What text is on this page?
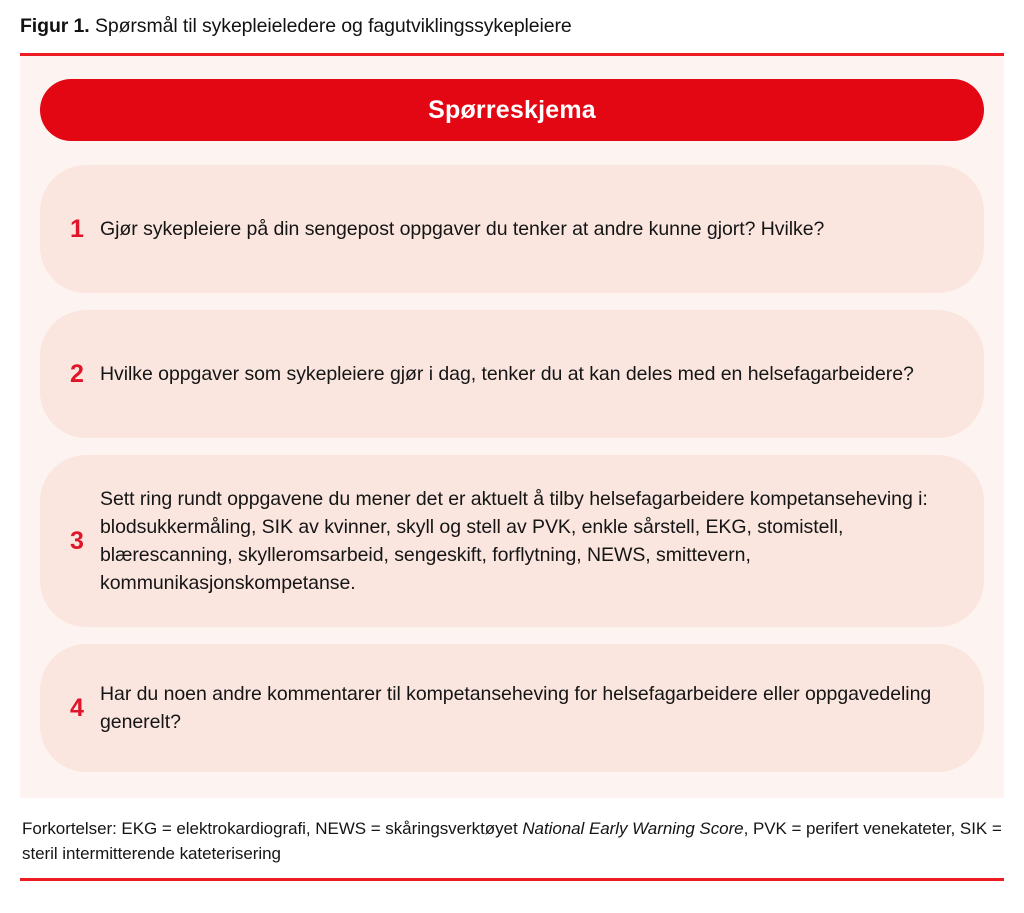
Figur 1. Spørsmål til sykepleieledere og fagutviklingssykepleiere
Spørreskjema
1 Gjør sykepleiere på din sengepost oppgaver du tenker at andre kunne gjort? Hvilke?
2 Hvilke oppgaver som sykepleiere gjør i dag, tenker du at kan deles med en helsefagarbeidere?
3
Sett ring rundt oppgavene du mener det er aktuelt å tilby helsefagarbeidere kompetanseheving i: blodsukkermåling, SIK av kvinner, skyll og stell av PVK, enkle sårstell, EKG, stomistell, blærescanning, skylleromsarbeid, sengeskift, forflytning, NEWS, smittevern, kommunikasjonskompetanse.
4 Har du noen andre kommentarer til kompetanseheving for helsefagarbeidere eller oppgavedeling generelt?
Forkortelser: EKG = elektrokardiografi, NEWS = skåringsverktøyet National Early Warning Score, PVK = perifert venekateter, SIK = steril intermitterende kateterisering
